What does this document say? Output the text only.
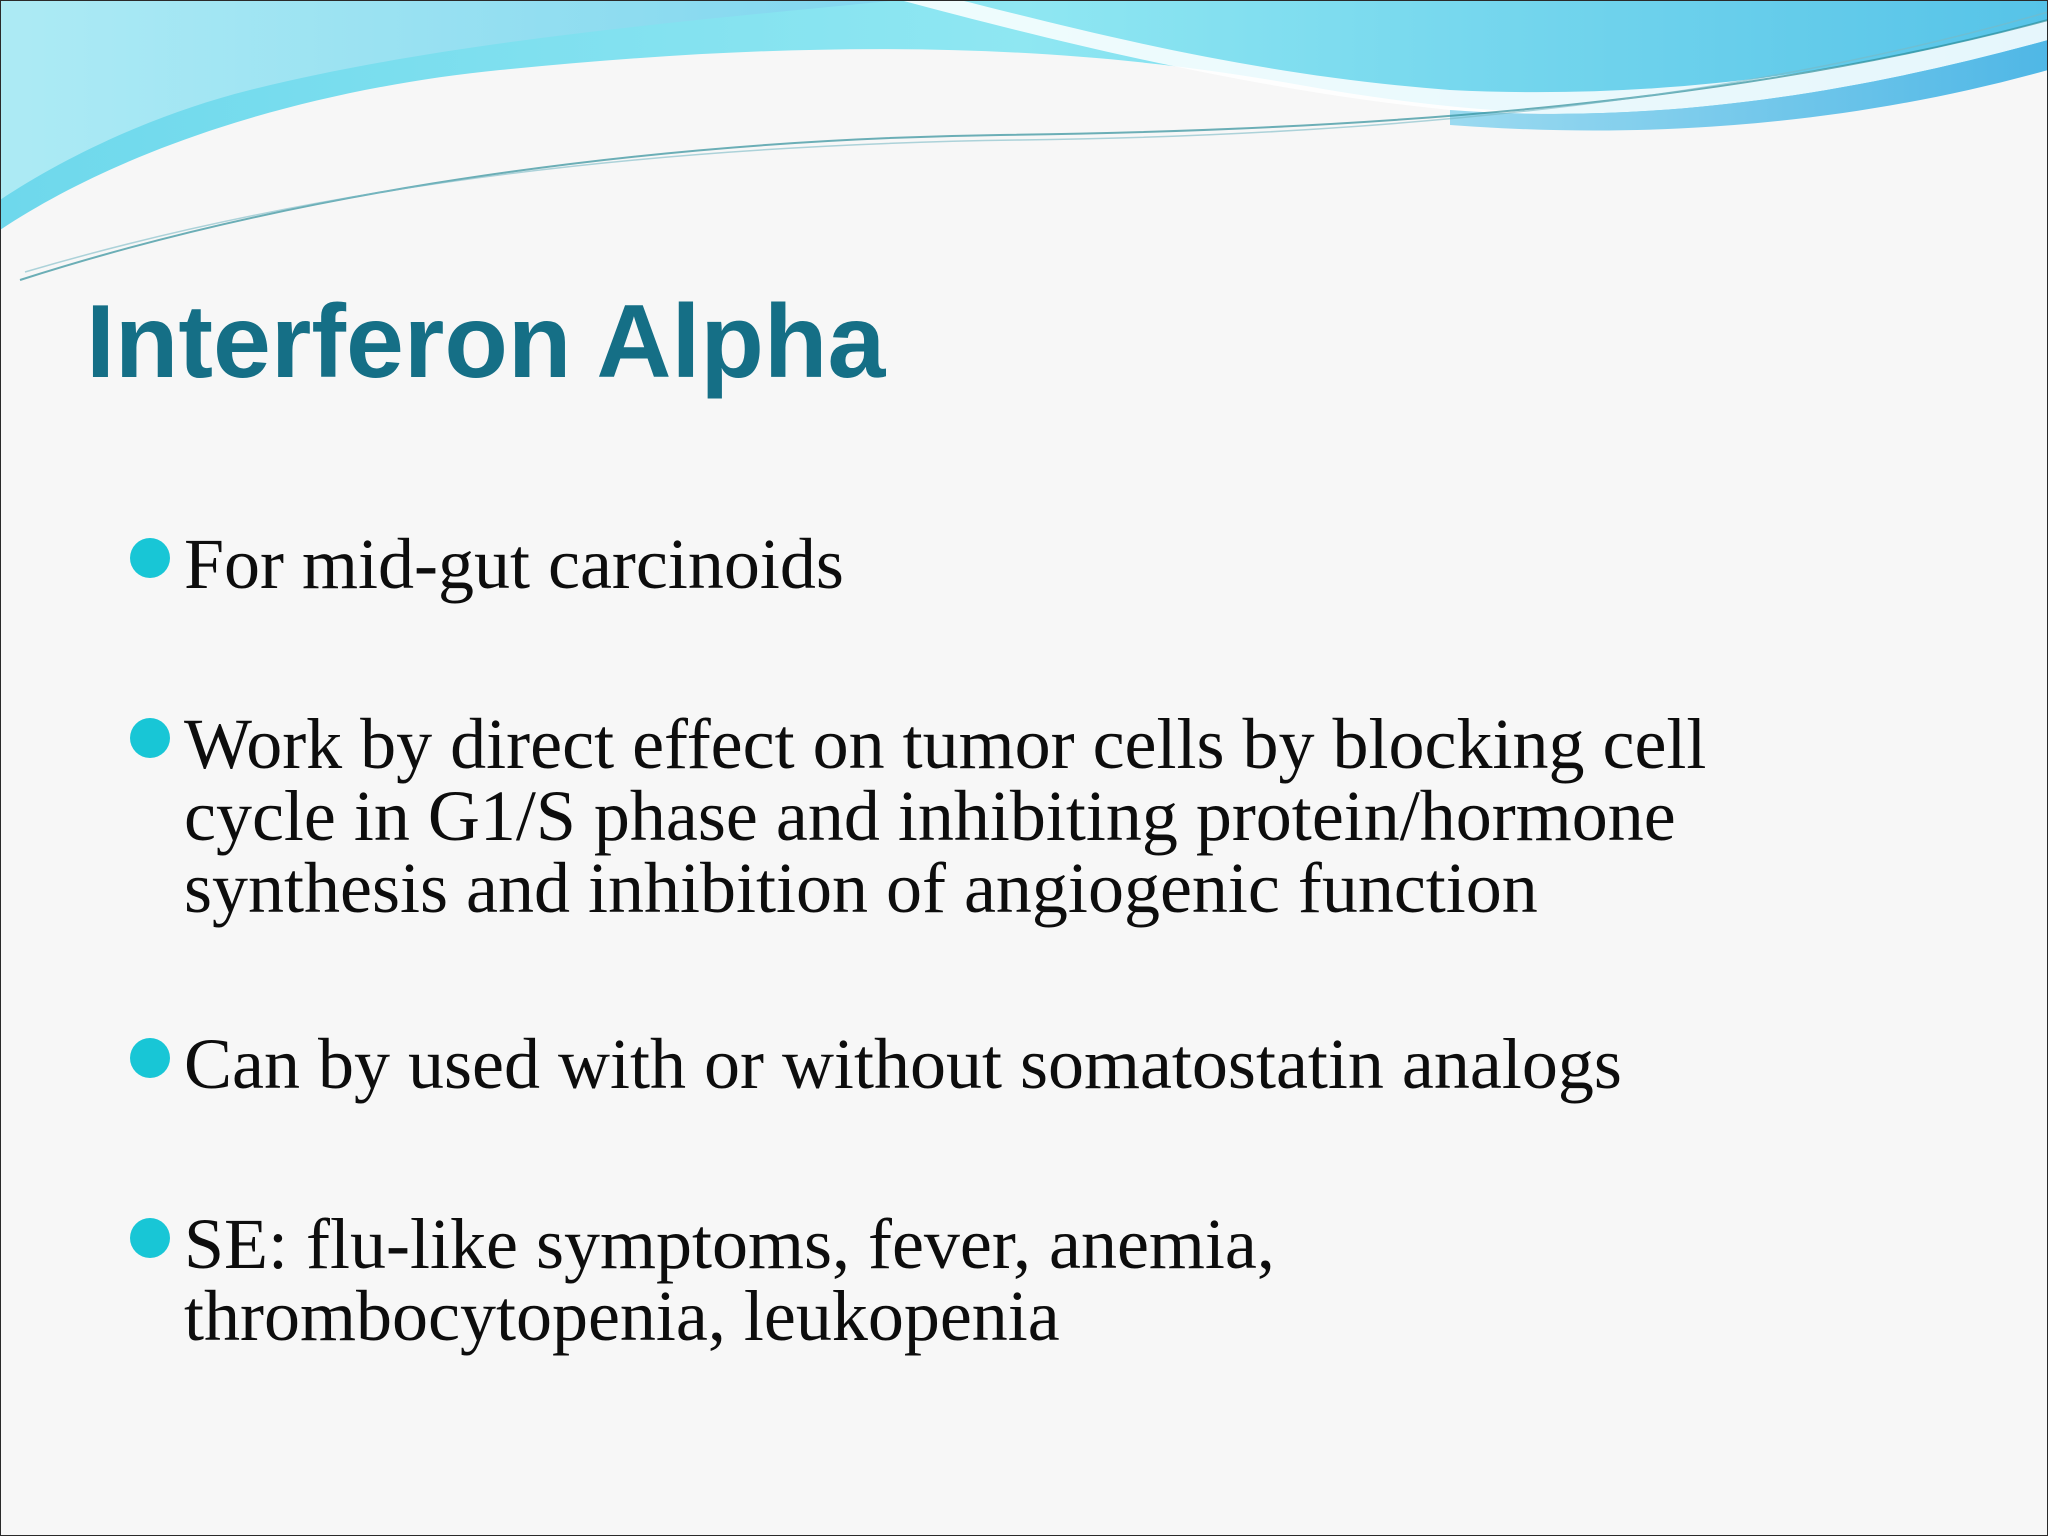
Interferon Alpha
For mid-gut carcinoids
Work by direct effect on tumor cells by blocking cell
cycle in G1/S phase and inhibiting protein/hormone
synthesis and inhibition of angiogenic function
Can by used with or without somatostatin analogs
SE: flu-like symptoms, fever, anemia,
thrombocytopenia, leukopenia
